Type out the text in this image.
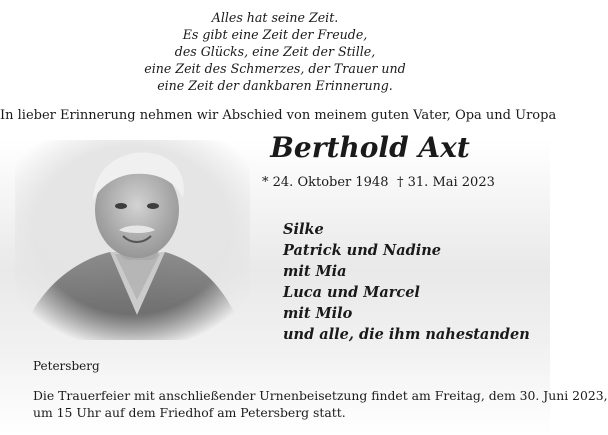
Alles hat seine Zeit.
Es gibt eine Zeit der Freude,
des Glücks, eine Zeit der Stille,
eine Zeit des Schmerzes, der Trauer und
eine Zeit der dankbaren Erinnerung.

In lieber Erinnerung nehmen wir Abschied von meinem guten Vater, Opa und Uropa
Berthold Axt
* 24. Oktober 1948 † 31. Mai 2023
Silke
Patrick und Nadine
mit Mia
Luca und Marcel
mit Milo
und alle, die ihm nahestanden
Petersberg

Die Trauerfeier mit anschließender Urnenbeisetzung findet am Freitag, dem 30. Juni 2023,
um 15 Uhr auf dem Friedhof am Petersberg statt.
